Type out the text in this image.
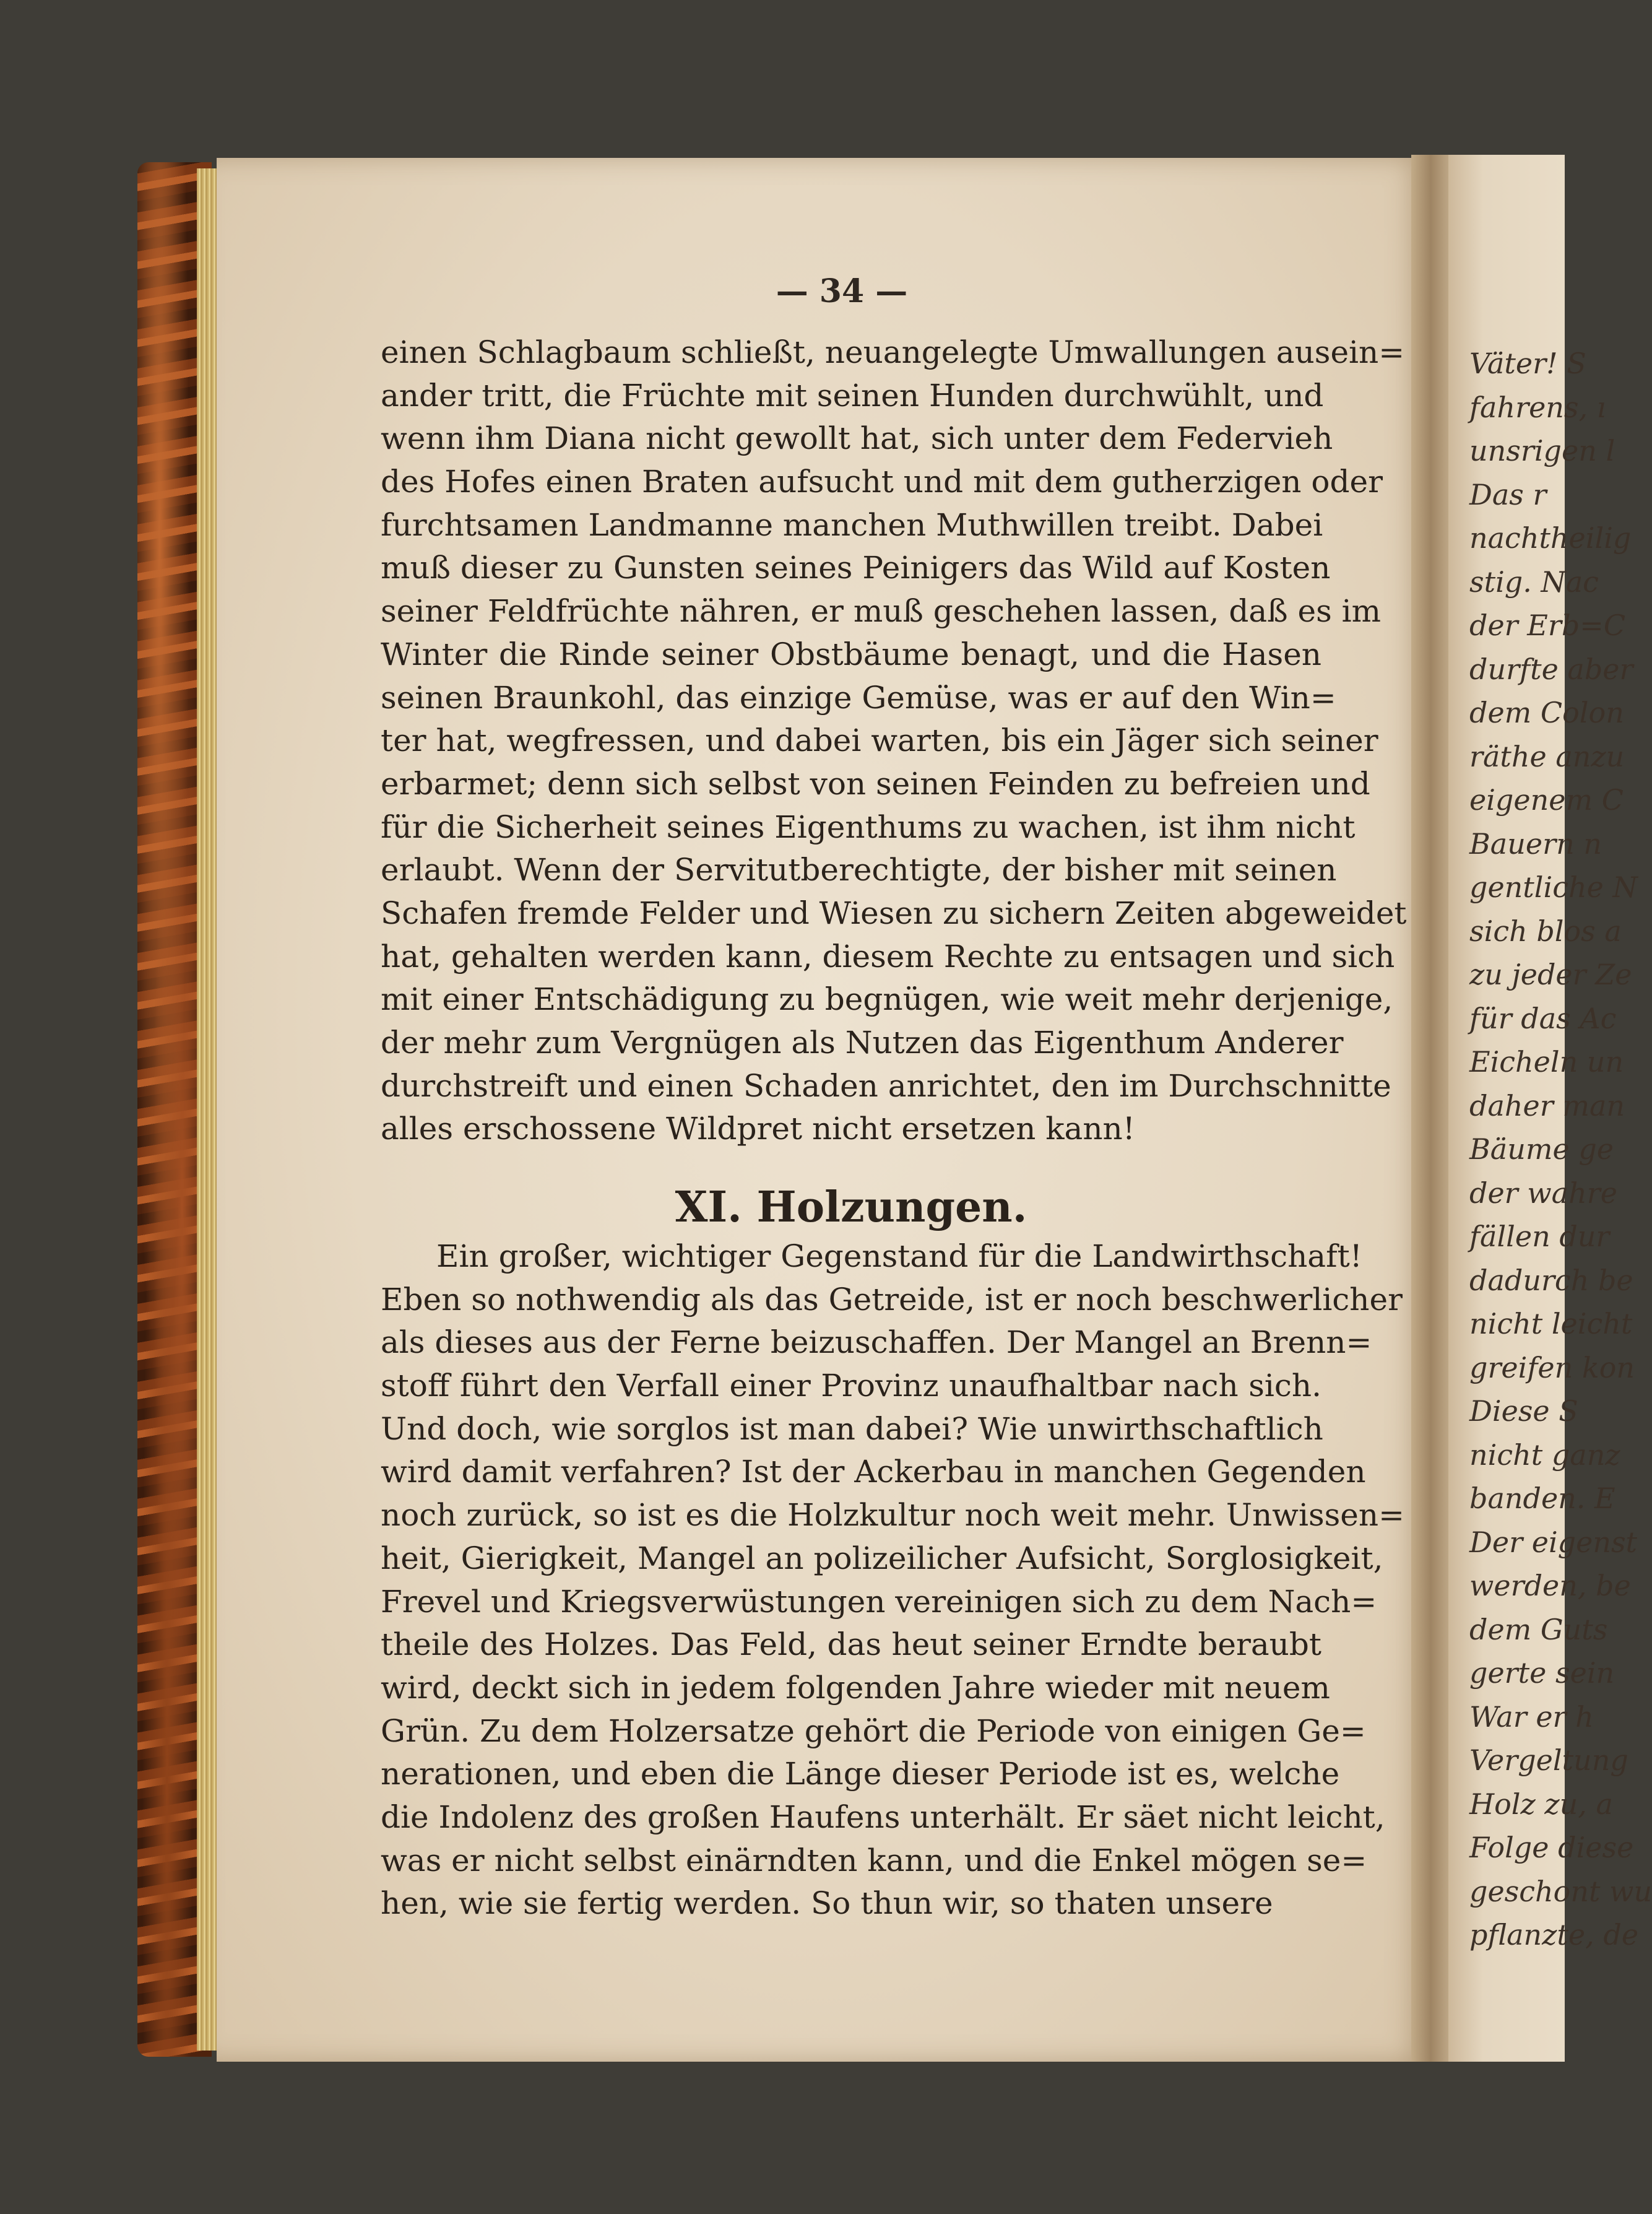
Väter! S
fahrens, ı
unsrigen l
Das r
nachtheilig
stig. Nac
der Erb=C
durfte aber
dem Colon
räthe anzu
eigenem C
Bauern n
gentliche N
sich blos a
zu jeder Ze
für das Ac
Eicheln un
daher man
Bäume ge
der wahre
fällen dur
dadurch be
nicht leicht
greifen kon
Diese S
nicht ganz
banden. E
Der eigenst
werden, be
dem Guts
gerte sein
War er h
Vergeltung
Holz zu, a
Folge diese
geschont wu
pflanzte, de
— 34 —
einen Schlagbaum schließt, neuangelegte Umwallungen ausein=
ander tritt, die Früchte mit seinen Hunden durchwühlt, und
wenn ihm Diana nicht gewollt hat, sich unter dem Federvieh
des Hofes einen Braten aufsucht und mit dem gutherzigen oder
furchtsamen Landmanne manchen Muthwillen treibt. Dabei
muß dieser zu Gunsten seines Peinigers das Wild auf Kosten
seiner Feldfrüchte nähren, er muß geschehen lassen, daß es im
Winter die Rinde seiner Obstbäume benagt, und die Hasen
seinen Braunkohl, das einzige Gemüse, was er auf den Win=
ter hat, wegfressen, und dabei warten, bis ein Jäger sich seiner
erbarmet; denn sich selbst von seinen Feinden zu befreien und
für die Sicherheit seines Eigenthums zu wachen, ist ihm nicht
erlaubt. Wenn der Servitutberechtigte, der bisher mit seinen
Schafen fremde Felder und Wiesen zu sichern Zeiten abgeweidet
hat, gehalten werden kann, diesem Rechte zu entsagen und sich
mit einer Entschädigung zu begnügen, wie weit mehr derjenige,
der mehr zum Vergnügen als Nutzen das Eigenthum Anderer
durchstreift und einen Schaden anrichtet, den im Durchschnitte
alles erschossene Wildpret nicht ersetzen kann!
XI. Holzungen.
Ein großer, wichtiger Gegenstand für die Landwirthschaft!
Eben so nothwendig als das Getreide, ist er noch beschwerlicher
als dieses aus der Ferne beizuschaffen. Der Mangel an Brenn=
stoff führt den Verfall einer Provinz unaufhaltbar nach sich.
Und doch, wie sorglos ist man dabei? Wie unwirthschaftlich
wird damit verfahren? Ist der Ackerbau in manchen Gegenden
noch zurück, so ist es die Holzkultur noch weit mehr. Unwissen=
heit, Gierigkeit, Mangel an polizeilicher Aufsicht, Sorglosigkeit,
Frevel und Kriegsverwüstungen vereinigen sich zu dem Nach=
theile des Holzes. Das Feld, das heut seiner Erndte beraubt
wird, deckt sich in jedem folgenden Jahre wieder mit neuem
Grün. Zu dem Holzersatze gehört die Periode von einigen Ge=
nerationen, und eben die Länge dieser Periode ist es, welche
die Indolenz des großen Haufens unterhält. Er säet nicht leicht,
was er nicht selbst einärndten kann, und die Enkel mögen se=
hen, wie sie fertig werden. So thun wir, so thaten unsere
